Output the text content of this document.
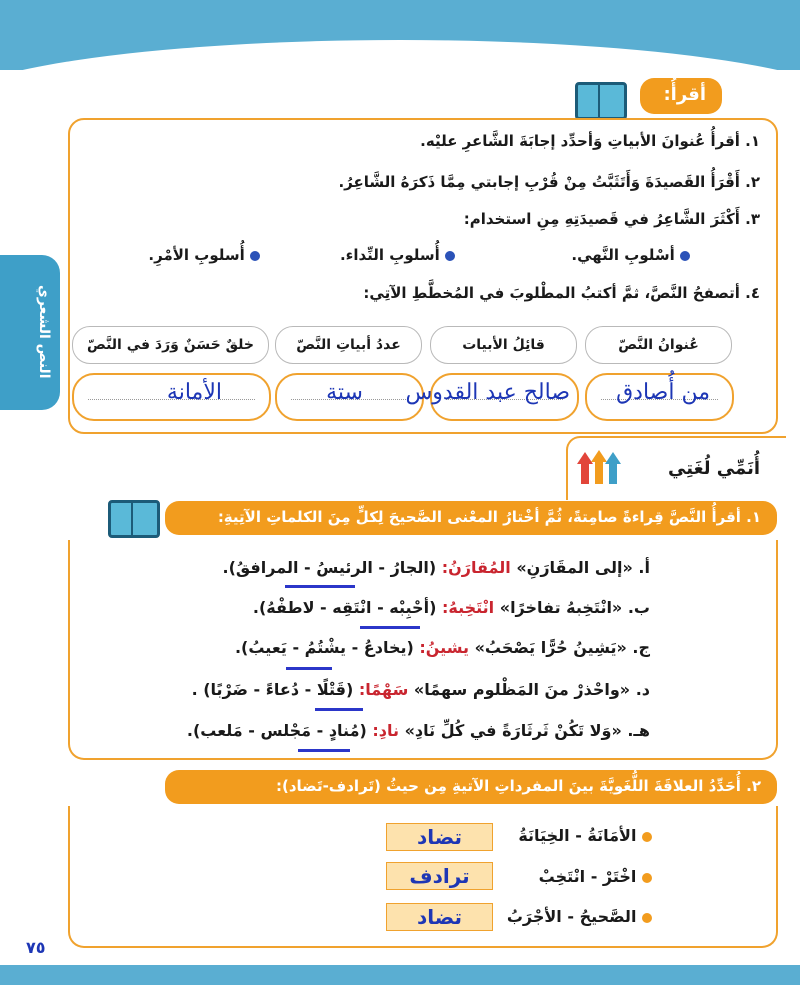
النص الشعري
أقرأُ:
١. أقرأُ عُنوانَ الأبياتِ وَأحدِّد إجابَةَ الشَّاعرِ عليْه.
٢. أَقْرَأُ القَصيدَةَ وَأَتَثَبَّتُ مِنْ قُرْبِ إجابتي مِمَّا ذَكرَهُ الشَّاعِرُ.
٣. أَكْثَرَ الشَّاعِرُ في قَصيدَتِهِ مِنِ استخدام:
أسْلوبِ النَّهي.
أُسلوبِ النِّداء.
أُسلوبِ الأمْرِ.
٤. أتصفحُ النَّصَّ، ثمَّ أكتبُ المطْلوبَ في المُخطَّطِ الآتِي:
عُنوانُ النَّصّ
قائِلُ الأبيات
عددُ أبياتِ النَّصّ
خلقٌ حَسَنٌ وَرَدَ في النَّصّ
من أُصادق
صالح عبد القدوس
ستة
الأمانة
أُنَمِّي لُغَتِي
١. أقرأُ النَّصَّ قِراءةً صامِتةً، ثُمَّ أخْتارُ المعْنى الصَّحيحَ لِكلٍّ مِنَ الكلماتِ الآتِيةِ:
أ. «إلى المقَارَنِ» المُقارَنُ: (الجارُ - الرئيسُ - المرافقُ).
ب. «انْتَخِبهُ تفاخرًا» انْتَخِبهُ: (أحْبِبْه - انْتَقِه - لاطفْهُ).
ج. «يَشِينُ حُرًّا يَصْحَبُ» يشينُ: (يخادعُ - يشْتُمُ - يَعيبُ).
د. «واحْذرْ منَ المَظْلوم سهمًا» سَهْمًا: (قَتْلًا - دُعاءً - ضَرْبًا) .
هـ. «وَلا تَكُنْ ثَرثَارَةً في كُلِّ نَادِ» نادِ: (مُنادٍ - مَجْلس - مَلعب).
٢. أُحَدِّدُ العلاقَةَ اللُّغَويَّةَ بينَ المفرداتِ الآتيةِ مِن حيثُ (تَرادف-تَضاد):
الأمَانَةُ - الخِيَانَةُ
تضاد
اخْتَرْ - انْتَخِبْ
ترادف
الصَّحيحُ - الأجْرَبُ
تضاد
٧٥
